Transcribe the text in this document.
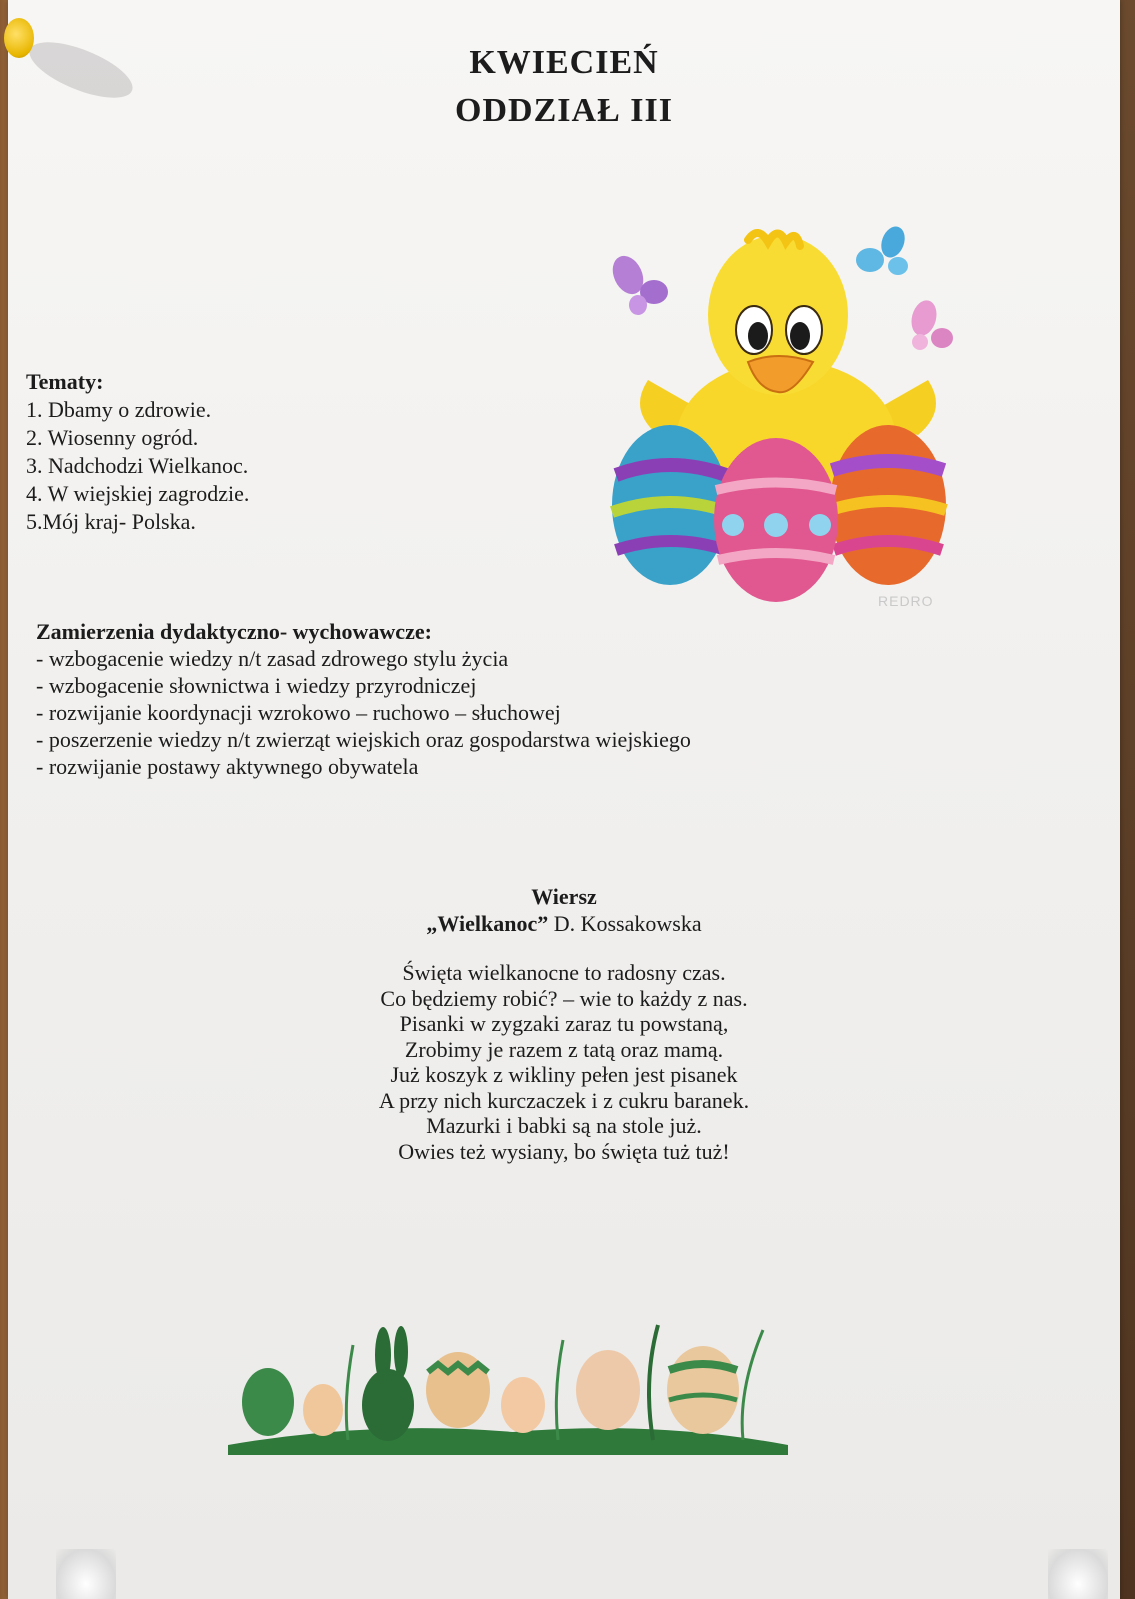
KWIECIEŃ
ODDZIAŁ III
Tematy:
1. Dbamy o zdrowie.
2. Wiosenny ogród.
3. Nadchodzi Wielkanoc.
4. W wiejskiej zagrodzie.
5.Mój kraj- Polska.
REDRO
Zamierzenia dydaktyczno- wychowawcze:
- wzbogacenie wiedzy n/t zasad zdrowego stylu życia
- wzbogacenie słownictwa i wiedzy przyrodniczej
- rozwijanie koordynacji wzrokowo – ruchowo – słuchowej
- poszerzenie wiedzy n/t zwierząt wiejskich oraz gospodarstwa wiejskiego
- rozwijanie postawy aktywnego obywatela
Wiersz
„Wielkanoc” D. Kossakowska
Święta wielkanocne to radosny czas.
Co będziemy robić? – wie to każdy z nas.
Pisanki w zygzaki zaraz tu powstaną,
Zrobimy je razem z tatą oraz mamą.
Już koszyk z wikliny pełen jest pisanek
A przy nich kurczaczek i z cukru baranek.
Mazurki i babki są na stole już.
Owies też wysiany, bo święta tuż tuż!
